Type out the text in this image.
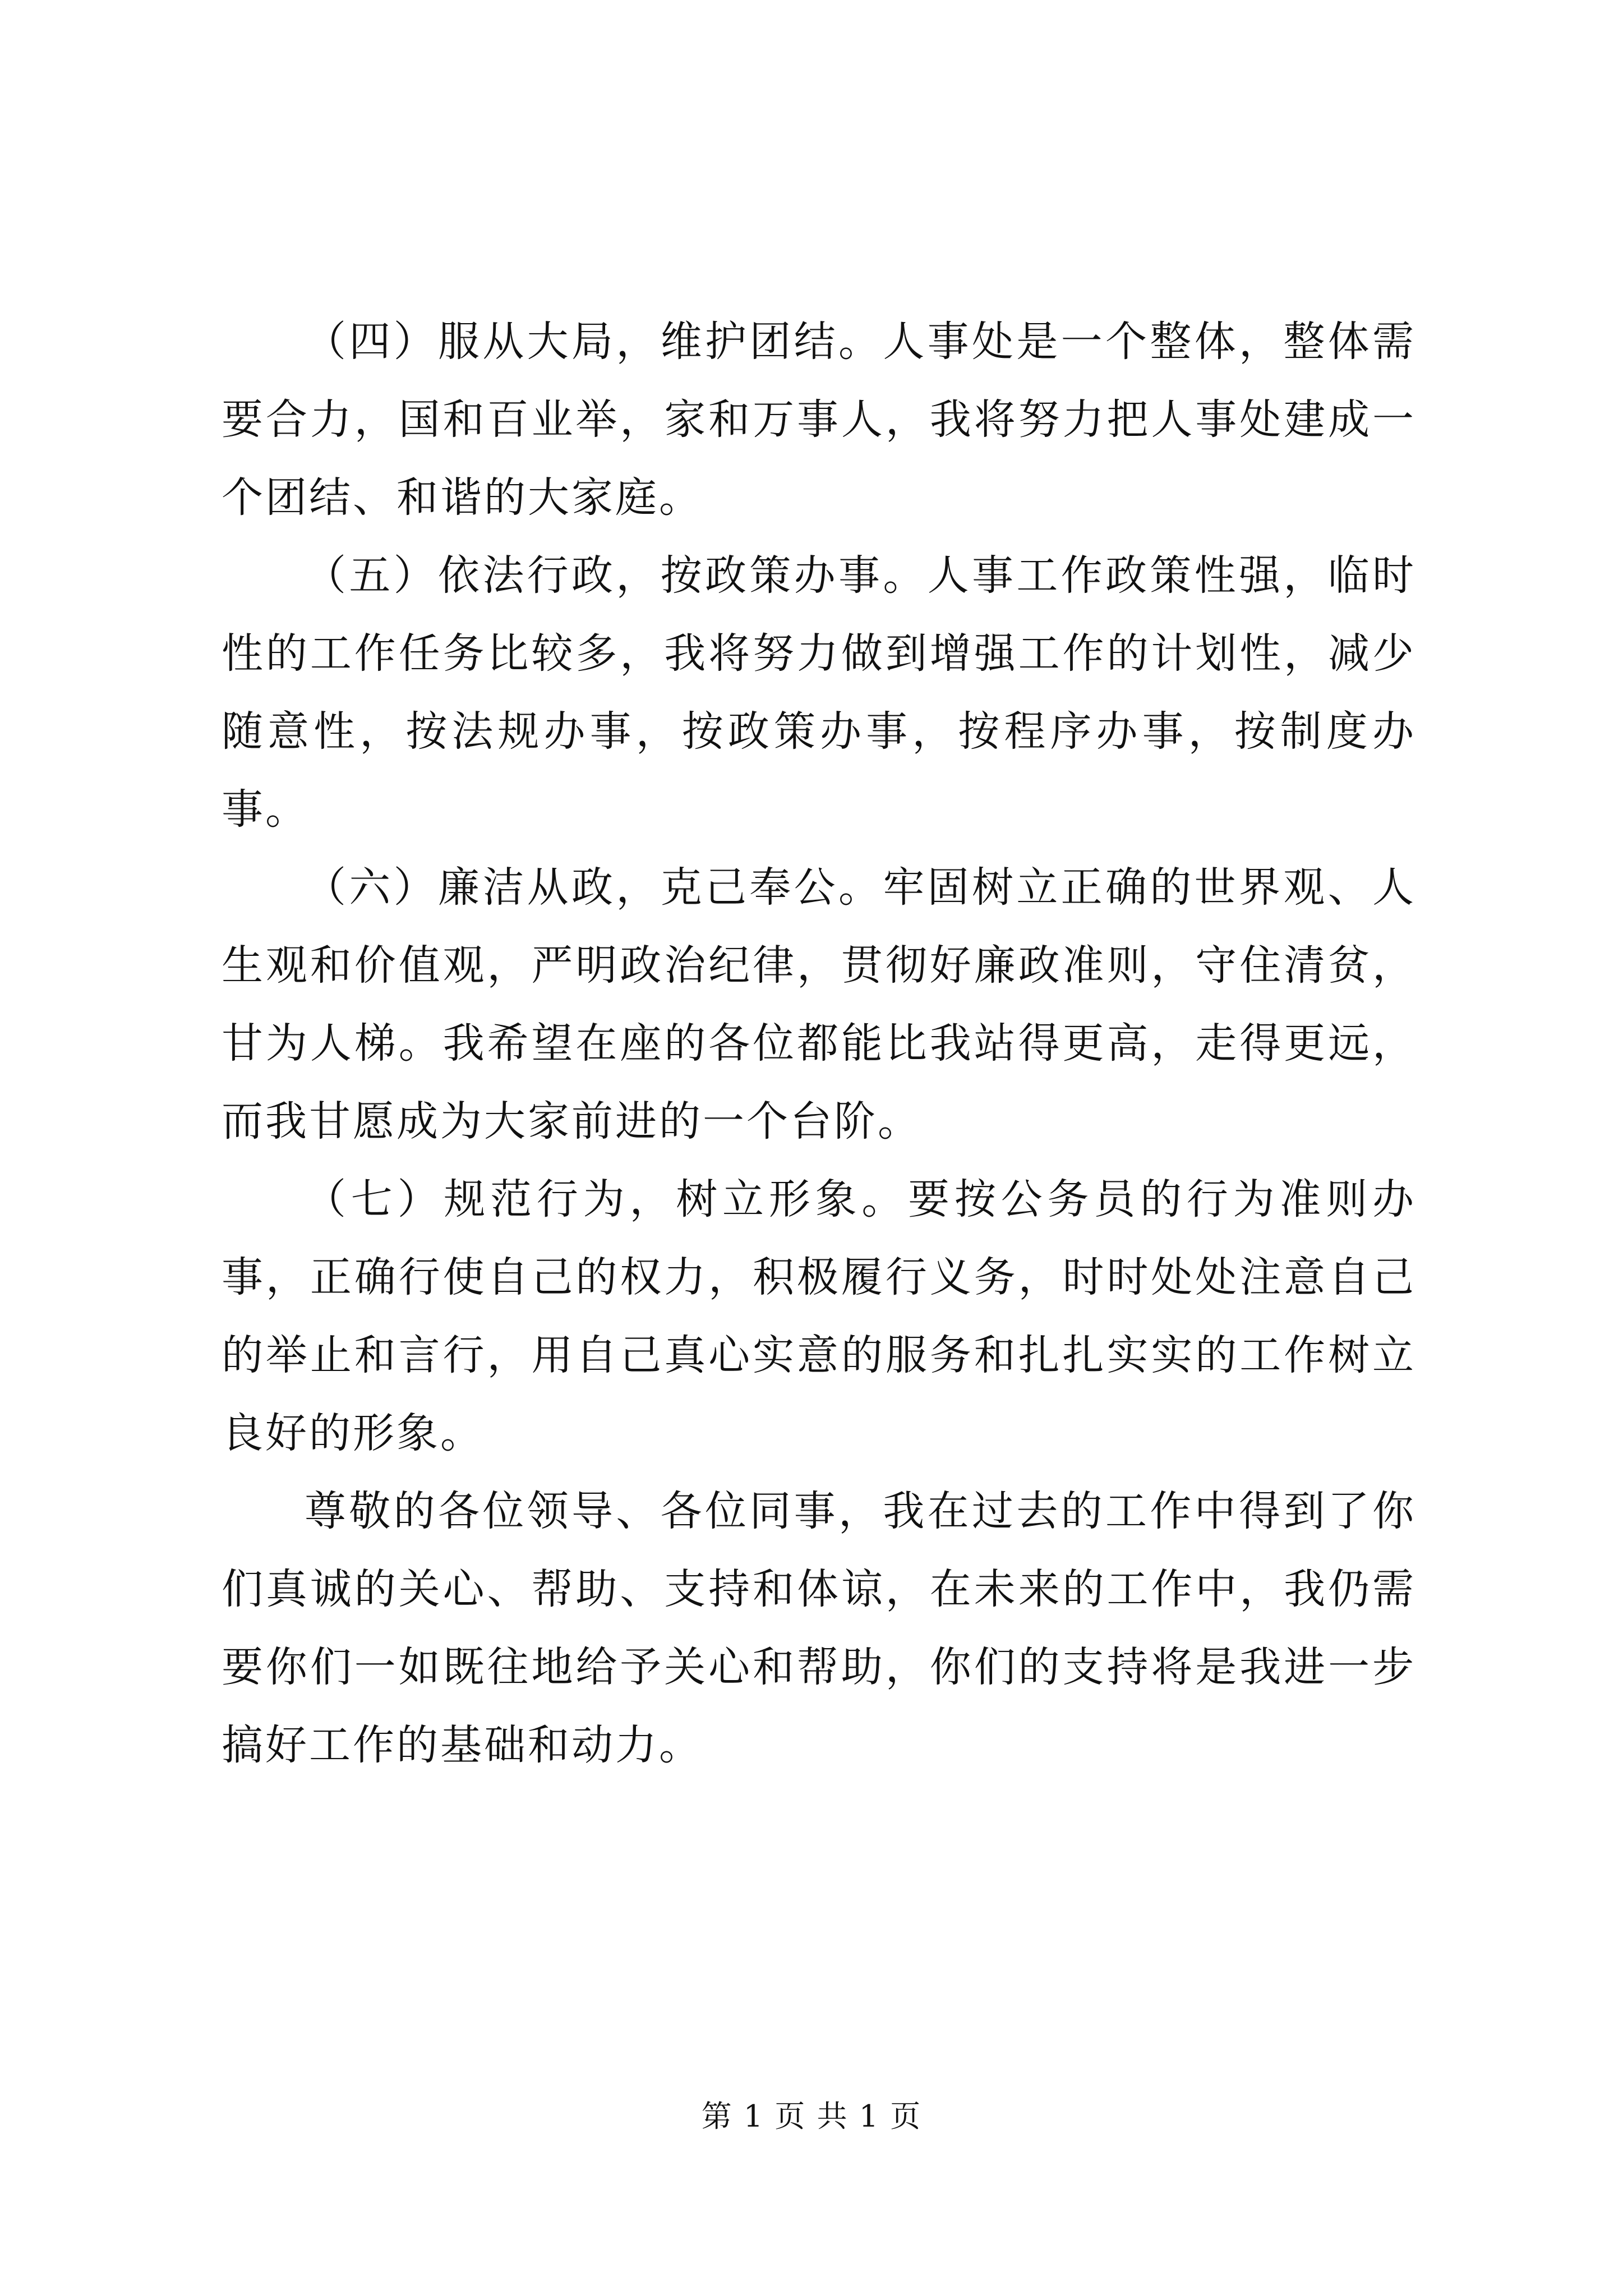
（四）服从大局，维护团结。人事处是一个整体，整体需要合力，国和百业举，家和万事人，我将努力把人事处建成一个团结、和谐的大家庭。

（五）依法行政，按政策办事。人事工作政策性强，临时性的工作任务比较多，我将努力做到增强工作的计划性，减少随意性，按法规办事，按政策办事，按程序办事，按制度办事。

（六）廉洁从政，克己奉公。牢固树立正确的世界观、人生观和价值观，严明政治纪律，贯彻好廉政准则，守住清贫，甘为人梯。我希望在座的各位都能比我站得更高，走得更远，而我甘愿成为大家前进的一个台阶。

（七）规范行为，树立形象。要按公务员的行为准则办事，正确行使自己的权力，积极履行义务，时时处处注意自己的举止和言行，用自己真心实意的服务和扎扎实实的工作树立良好的形象。

尊敬的各位领导、各位同事，我在过去的工作中得到了你们真诚的关心、帮助、支持和体谅，在未来的工作中，我仍需要你们一如既往地给予关心和帮助，你们的支持将是我进一步搞好工作的基础和动力。

第 1 页 共 1 页
